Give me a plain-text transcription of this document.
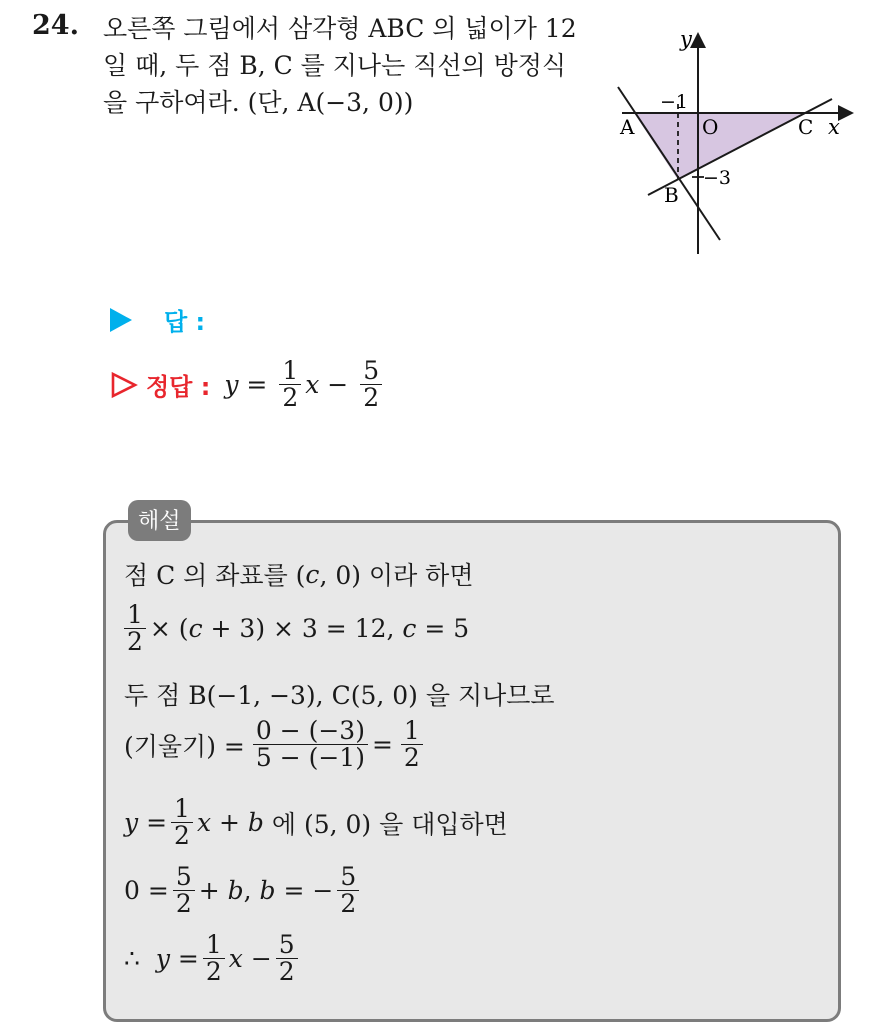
24. 오른쪽 그림에서 삼각형 ABC 의 넓이가 12
일 때, 두 점 B, C 를 지나는 직선의 방정식
을 구하여라. (단, A(−3, 0))
y
x
A	O	C
B
−1
−3
답 :
정답 : y
=
$\frac{1}{2}$ x
−
$\frac{5}{2}$
해설
점 C 의 좌표를 ( c , 0) 이라 하면
$\frac{1}{2}$ × ( c
+ 3) × 3 = 12,
c
= 5
두 점 B(−1, −3), C(5, 0) 을 지나므로
(기울기) = $\frac{0 - (-3)}{5 - (-1)} = \frac{1}{2}$
y
= $\frac{1}{2}$ x
+
b
에 (5, 0) 을 대입하면
$0 = \frac{5}{2}$ +
b ,
b
= − $\frac{5}{2}$
∴
y
= $\frac{1}{2}$ x
− $\frac{5}{2}$
